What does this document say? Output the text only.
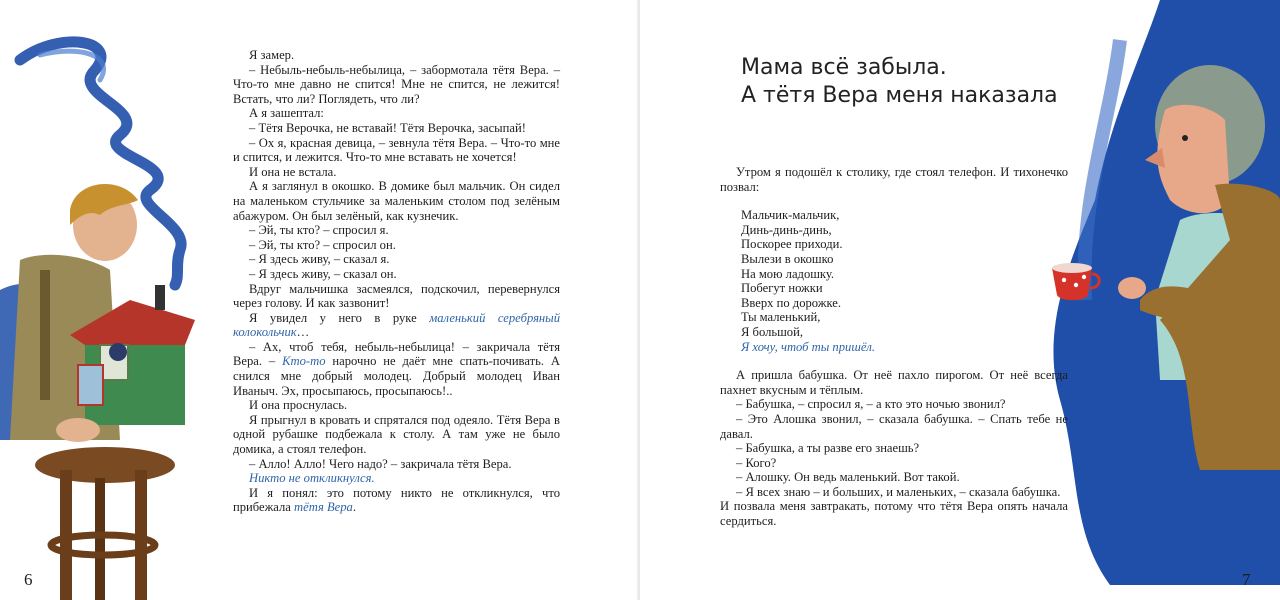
Я замер.

– Небыль-небыль-небылица, – забормотала тётя Вера. – Что-то мне давно не спится! Мне не спится, не лежится! Встать, что ли? Поглядеть, что ли?

А я зашептал:

– Тётя Верочка, не вставай! Тётя Верочка, засыпай!

– Ох я, красная девица, – зевнула тётя Вера. – Что-то мне и спится, и лежится. Что-то мне вставать не хочется!

И она не встала.

А я заглянул в окошко. В домике был мальчик. Он сидел на маленьком стульчике за маленьким столом под зелёным абажуром. Он был зелёный, как кузнечик.

– Эй, ты кто? – спросил я.

– Эй, ты кто? – спросил он.

– Я здесь живу, – сказал я.

– Я здесь живу, – сказал он.

Вдруг мальчишка засмеялся, подскочил, перевернулся через голову. И как зазвонит!

Я увидел у него в руке маленький серебряный колокольчик…

– Ах, чтоб тебя, небыль-небылица! – закричала тётя Вера. – Кто-то нарочно не даёт мне спать-почивать. А снился мне добрый молодец. Добрый молодец Иван Иваныч. Эх, просыпаюсь, просыпаюсь!..

И она проснулась.

Я прыгнул в кровать и спрятался под одеяло. Тётя Вера в одной рубашке подбежала к столу. А там уже не было домика, а стоял телефон.

– Алло! Алло! Чего надо? – закричала тётя Вера.

Никто не откликнулся.

И я понял: это потому никто не откликнулся, что прибежала тётя Вера.

6
Мама всё забыла.
А тётя Вера меня наказала

Утром я подошёл к столику, где стоял телефон. И тихонечко позвал:

Мальчик-мальчик,
Динь-динь-динь,
Поскорее приходи.
Вылези в окошко
На мою ладошку.
Побегут ножки
Вверх по дорожке.
Ты маленький,
Я большой,
Я хочу, чтоб ты пришёл.

А пришла бабушка. От неё пахло пирогом. От неё всегда пахнет вкусным и тёплым.

– Бабушка, – спросил я, – а кто это ночью звонил?

– Это Алошка звонил, – сказала бабушка. – Спать тебе не давал.

– Бабушка, а ты разве его знаешь?

– Кого?

– Алошку. Он ведь маленький. Вот такой.

– Я всех знаю – и больших, и маленьких, – сказала бабушка.

И позвала меня завтракать, потому что тётя Вера опять начала сердиться.

7
